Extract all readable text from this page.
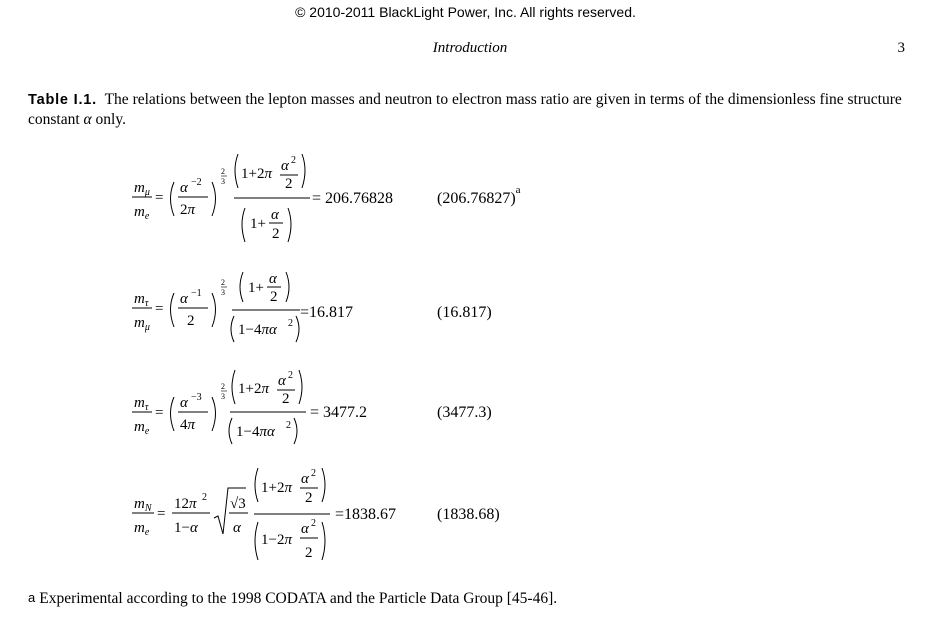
© 2010-2011 BlackLight Power, Inc. All rights reserved.
Introduction	3
Table I.1. The relations between the lepton masses and neutron to electron mass ratio are given in terms of the dimensionless fine structure constant α only.
$m_\mu$
$m_e$
=
α −2
2π
2
3 1+2π α 2
2
1+
α
2
= 206.76828	$(206.76827)^a$
$m_\tau$
$m_\mu$
=
α −1
2
2
3 1+
α
2
1−4πα 2
=16.817	(16.817)
$m_\tau$
$m_e$
=
α −3
4π
2
3 1+2π α 2
2
1−4πα 2
= 3477.2	(3477.3)
$m_N$
$m_e$
=
12π 2
1−α
√3
α
1+2π
α 2
2
1−2π
α 2
2
=1838.67	(1838.68)
$^a$ Experimental according to the 1998 CODATA and the Particle Data Group [45-46].
